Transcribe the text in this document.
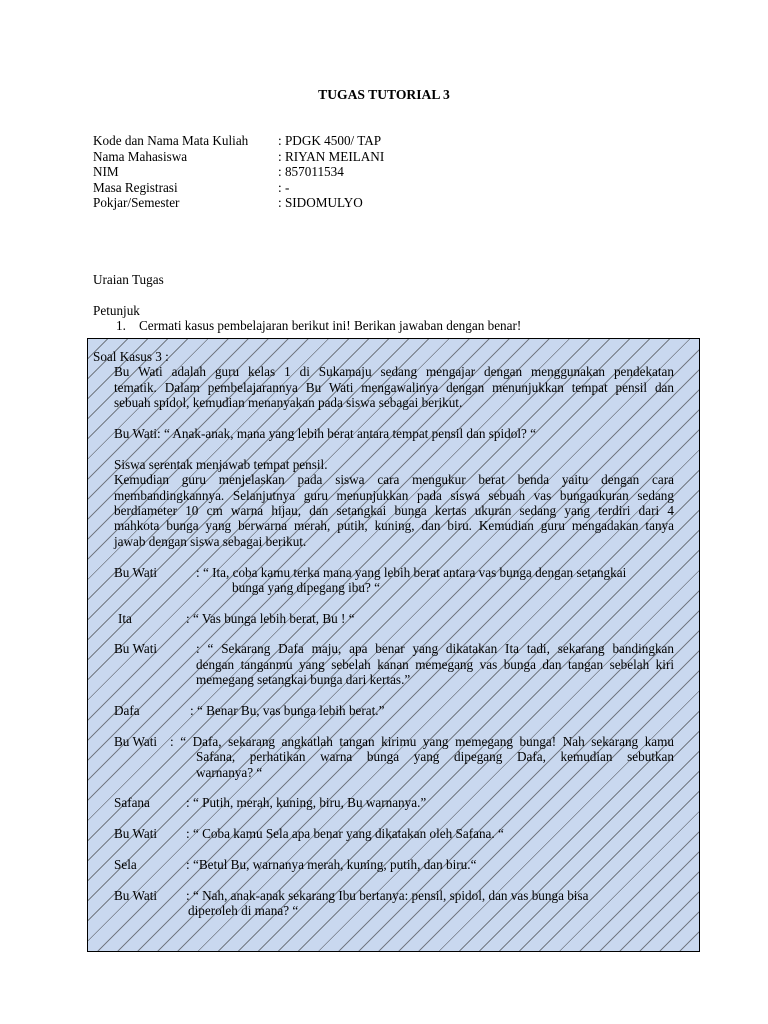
TUGAS TUTORIAL 3
Kode dan Nama Mata Kuliah : PDGK 4500/ TAP
Nama Mahasiswa	: RIYAN MEILANI
NIM	: 857011534
Masa Registrasi	: -
Pokjar/Semester	: SIDOMULYO
Uraian Tugas
Petunjuk
1. Cermati kasus pembelajaran berikut ini! Berikan jawaban dengan benar!
Soal Kasus 3 :
Bu Wati adalah guru kelas 1 di Sukamaju sedang mengajar dengan menggunakan pendekatan
tematik. Dalam pembelajarannya Bu Wati mengawalinya dengan menunjukkan tempat pensil dan
sebuah spidol, kemudian menanyakan pada siswa sebagai berikut.
Bu Wati: “ Anak-anak, mana yang lebih berat antara tempat pensil dan spidol? “
Siswa serentak menjawab tempat pensil.
Kemudian guru menjelaskan pada siswa cara mengukur berat benda yaitu dengan cara
membandingkannya. Selanjutnya guru menunjukkan pada siswa sebuah vas bungaukuran sedang
berdiameter 10 cm warna hijau, dan setangkai bunga kertas ukuran sedang yang terdiri dari 4
mahkota bunga yang berwarna merah, putih, kuning, dan biru. Kemudian guru mengadakan tanya
jawab dengan siswa sebagai berikut.
Bu Wati	: “ Ita, coba kamu terka mana yang lebih berat antara vas bunga dengan setangkai
bunga yang dipegang ibu? “
Ita	: “ Vas bunga lebih berat, Bu ! “
Bu Wati	: “ Sekarang Dafa maju, apa benar yang dikatakan Ita tadi, sekarang bandingkan
dengan tanganmu yang sebelah kanan memegang vas bunga dan tangan sebelah kiri
memegang setangkai bunga dari kertas.”
Dafa	: “ Benar Bu, vas bunga lebih berat.”
Bu Wati : “ Dafa, sekarang angkatlah tangan kirimu yang memegang bunga! Nah sekarang kamu
Safana, perhatikan warna bunga yang dipegang Dafa, kemudian sebutkan
warnanya? “
Safana	: “ Putih, merah, kuning, biru, Bu warnanya.”
Bu Wati : “ Coba kamu Sela apa benar yang dikatakan oleh Safana. “
Sela	: “Betul Bu, warnanya merah, kuning, putih, dan biru.“
Bu Wati : “ Nah, anak-anak sekarang Ibu bertanya: pensil, spidol, dan vas bunga bisa
diperoleh di mana? “
